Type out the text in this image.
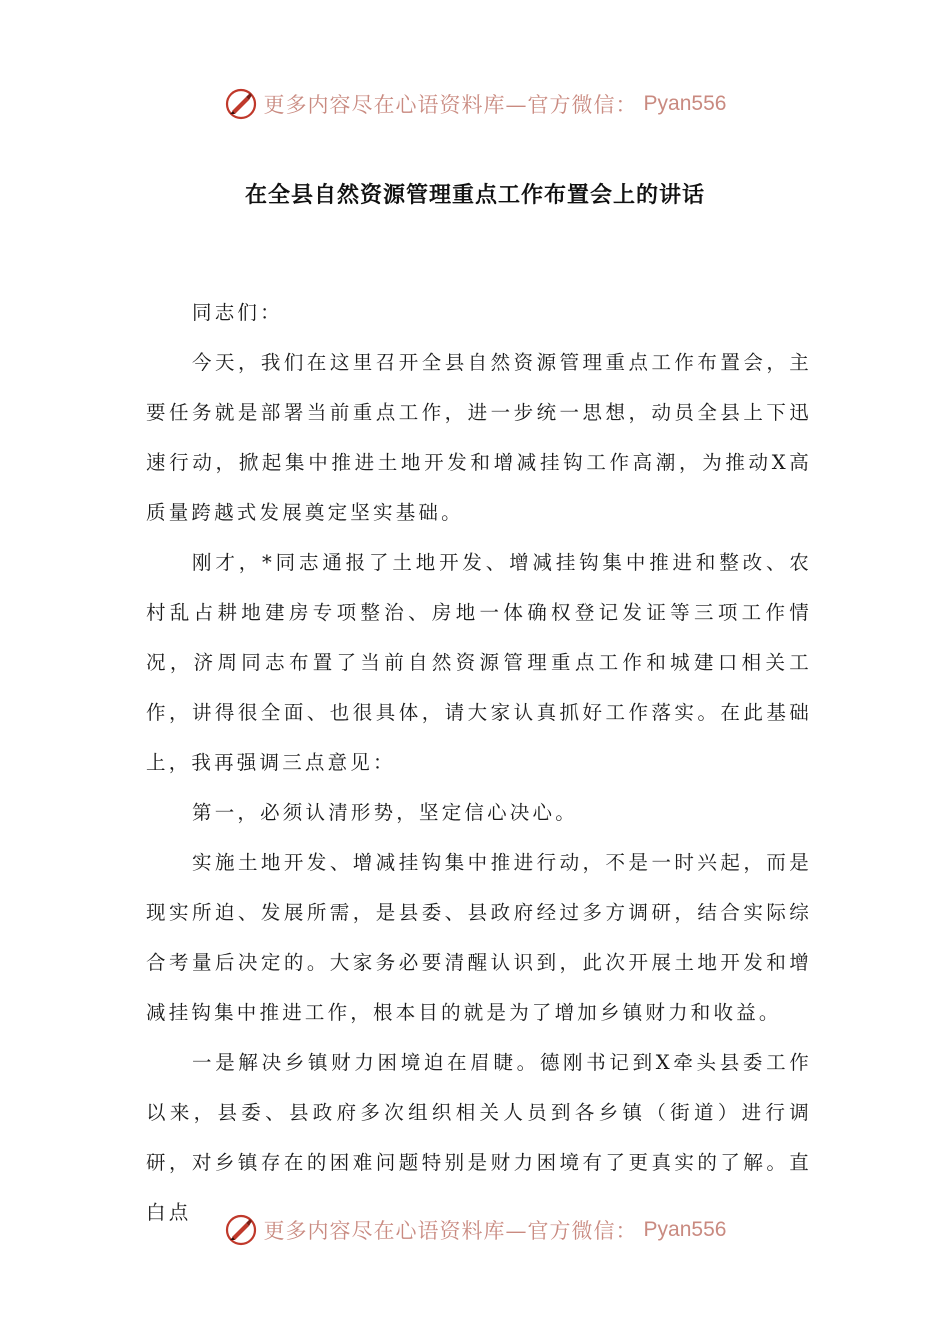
更多内容尽在心语资料库—官方微信： Pyan556
在全县自然资源管理重点工作布置会上的讲话

同志们：

今天，我们在这里召开全县自然资源管理重点工作布置会，主要任务就是部署当前重点工作，进一步统一思想，动员全县上下迅速行动，掀起集中推进土地开发和增减挂钩工作高潮，为推动X高质量跨越式发展奠定坚实基础。

刚才，*同志通报了土地开发、增减挂钩集中推进和整改、农村乱占耕地建房专项整治、房地一体确权登记发证等三项工作情况，济周同志布置了当前自然资源管理重点工作和城建口相关工作，讲得很全面、也很具体，请大家认真抓好工作落实。在此基础上，我再强调三点意见：

第一，必须认清形势，坚定信心决心。

实施土地开发、增减挂钩集中推进行动，不是一时兴起，而是现实所迫、发展所需，是县委、县政府经过多方调研，结合实际综合考量后决定的。大家务必要清醒认识到，此次开展土地开发和增减挂钩集中推进工作，根本目的就是为了增加乡镇财力和收益。

一是解决乡镇财力困境迫在眉睫。德刚书记到X牵头县委工作以来，县委、县政府多次组织相关人员到各乡镇（街道）进行调研，对乡镇存在的困难问题特别是财力困境有了更真实的了解。直白点

更多内容尽在心语资料库—官方微信： Pyan556
